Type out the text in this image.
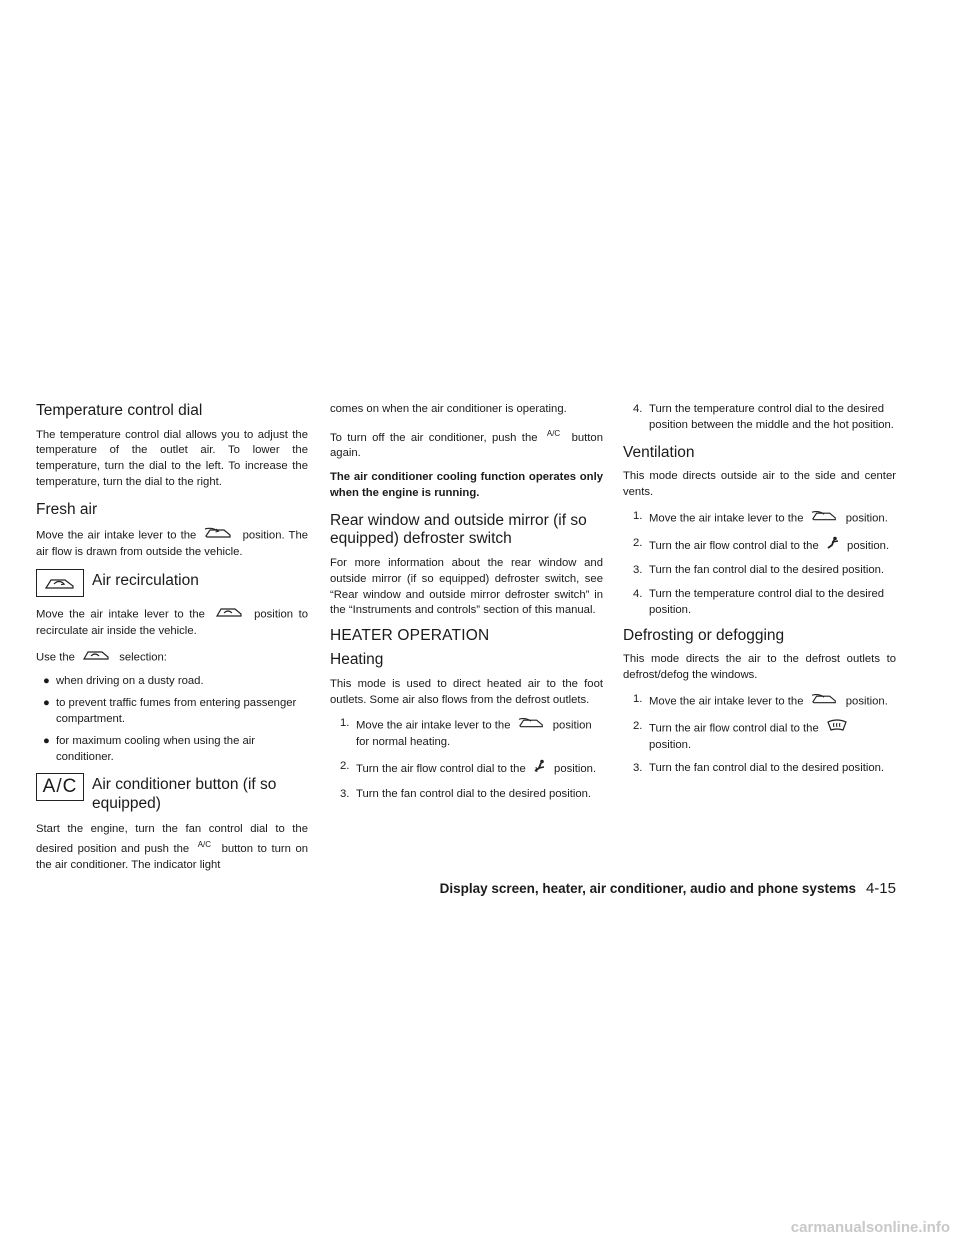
Temperature control dial

The temperature control dial allows you to adjust the temperature of the outlet air. To lower the temperature, turn the dial to the left. To increase the temperature, turn the dial to the right.

Fresh air

Move the air intake lever to the	position. The air flow is drawn from outside the vehicle.

Air recirculation

Move the air intake lever to the	position to recirculate air inside the vehicle.

Use the	selection:

● when driving on a dusty road.
● to prevent traffic fumes from entering passenger compartment.
● for maximum cooling when using the air conditioner.
A/C Air conditioner button (if so equipped)

Start the engine, turn the fan control dial to the desired position and push the $^{A/C}$ button to turn on the air conditioner. The indicator light

comes on when the air conditioner is operating.

To turn off the air conditioner, push the $^{A/C}$ button again.

The air conditioner cooling function operates only when the engine is running.

Rear window and outside mirror (if so equipped) defroster switch

For more information about the rear window and outside mirror (if so equipped) defroster switch, see “Rear window and outside mirror defroster switch” in the “Instruments and controls” section of this manual.

HEATER OPERATION
Heating

This mode is used to direct heated air to the foot outlets. Some air also flows from the defrost outlets.

1. Move the air intake lever to the	position for normal heating.
2. Turn the air flow control dial to the	position.
3. Turn the fan control dial to the desired position.
4. Turn the temperature control dial to the desired position between the middle and the hot position.
Ventilation

This mode directs outside air to the side and center vents.

1. Move the air intake lever to the	position.
2. Turn the air flow control dial to the	position.
3. Turn the fan control dial to the desired position.
4. Turn the temperature control dial to the desired position.
Defrosting or defogging

This mode directs the air to the defrost outlets to defrost/defog the windows.

1. Move the air intake lever to the	position.
2. Turn the air flow control dial to the  position.
3. Turn the fan control dial to the desired position.
Display screen, heater, air conditioner, audio and phone systems 4-15
carmanualsonline.info
